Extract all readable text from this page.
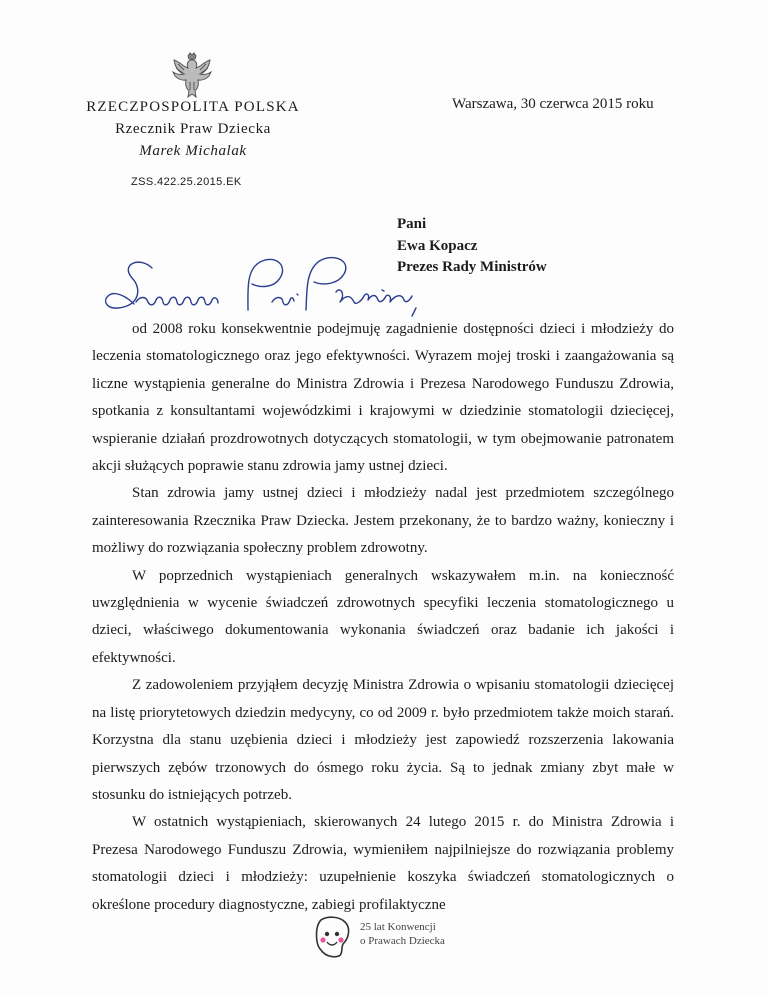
RZECZPOSPOLITA POLSKA
Rzecznik Praw Dziecka
Marek Michalak
Warszawa, 30 czerwca 2015 roku
ZSS.422.25.2015.EK
Pani
Ewa Kopacz
Prezes Rady Ministrów

od 2008 roku konsekwentnie podejmuję zagadnienie dostępności dzieci i młodzieży do leczenia stomatologicznego oraz jego efektywności. Wyrazem mojej troski i zaangażowania są liczne wystąpienia generalne do Ministra Zdrowia i Prezesa Narodowego Funduszu Zdrowia, spotkania z konsultantami wojewódzkimi i krajowymi w dziedzinie stomatologii dziecięcej, wspieranie działań prozdrowotnych dotyczących stomatologii, w tym obejmowanie patronatem akcji służących poprawie stanu zdrowia jamy ustnej dzieci.

Stan zdrowia jamy ustnej dzieci i młodzieży nadal jest przedmiotem szczególnego zainteresowania Rzecznika Praw Dziecka. Jestem przekonany, że to bardzo ważny, konieczny i możliwy do rozwiązania społeczny problem zdrowotny.

W poprzednich wystąpieniach generalnych wskazywałem m.in. na konieczność uwzględnienia w wycenie świadczeń zdrowotnych specyfiki leczenia stomatologicznego u dzieci, właściwego dokumentowania wykonania świadczeń oraz badanie ich jakości i efektywności.

Z zadowoleniem przyjąłem decyzję Ministra Zdrowia o wpisaniu stomatologii dziecięcej na listę priorytetowych dziedzin medycyny, co od 2009 r. było przedmiotem także moich starań. Korzystna dla stanu uzębienia dzieci i młodzieży jest zapowiedź rozszerzenia lakowania pierwszych zębów trzonowych do ósmego roku życia. Są to jednak zmiany zbyt małe w stosunku do istniejących potrzeb.

W ostatnich wystąpieniach, skierowanych 24 lutego 2015 r. do Ministra Zdrowia i Prezesa Narodowego Funduszu Zdrowia, wymieniłem najpilniejsze do rozwiązania problemy stomatologii dzieci i młodzieży: uzupełnienie koszyka świadczeń stomatologicznych o określone procedury diagnostyczne, zabiegi profilaktyczne

25 lat Konwencji
o Prawach Dziecka
